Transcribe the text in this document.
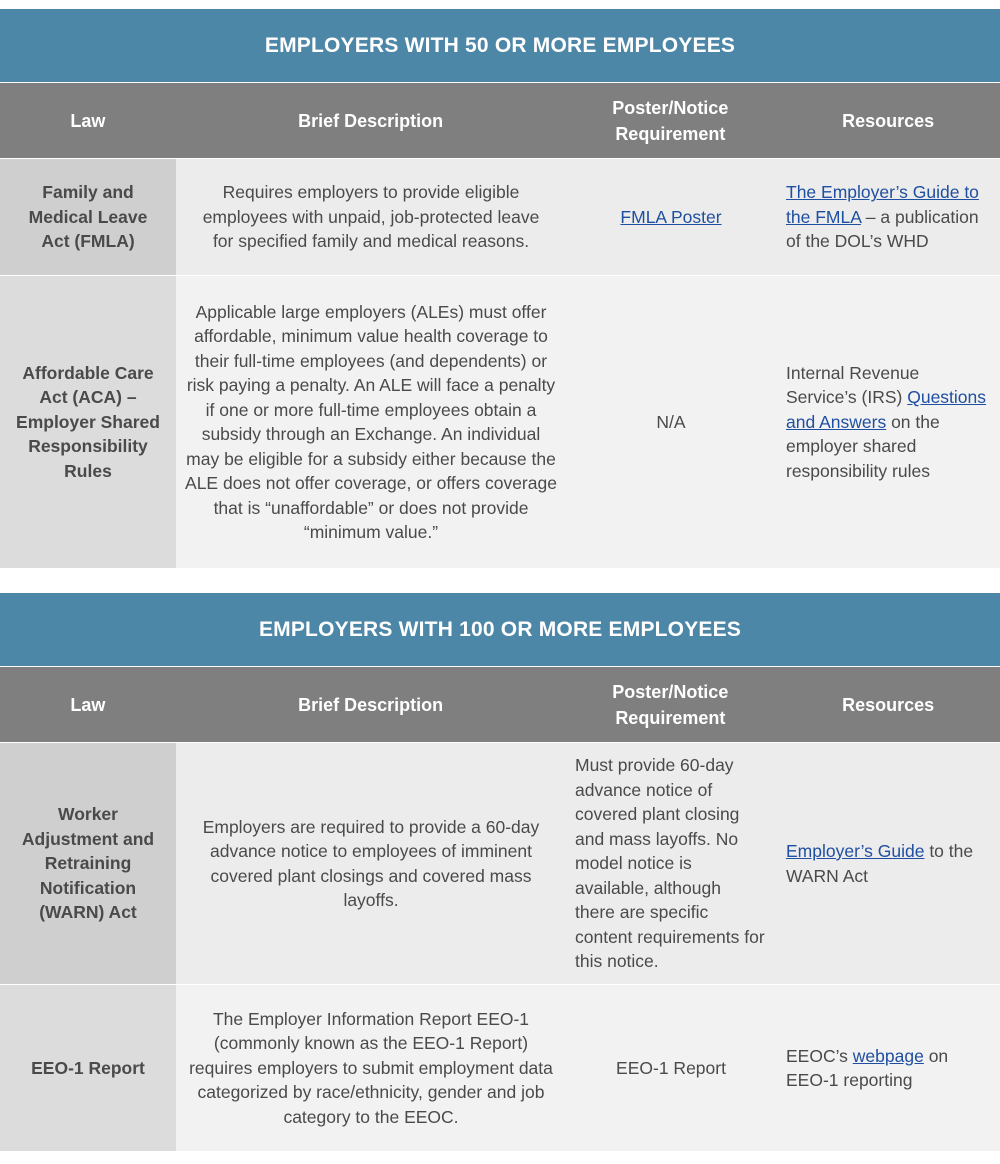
EMPLOYERS WITH 50 OR MORE EMPLOYEES
Law	Brief Description
Poster/Notice Requirement
Resources
Family and Medical Leave Act (FMLA)
Requires employers to provide eligible employees with unpaid, job-protected leave for specified family and medical reasons.
FMLA Poster
The Employer’s Guide to the FMLA – a publication of the DOL’s WHD
Affordable Care Act (ACA) – Employer Shared Responsibility Rules
Applicable large employers (ALEs) must offer affordable, minimum value health coverage to their full-time employees (and dependents) or risk paying a penalty. An ALE will face a penalty if one or more full-time employees obtain a subsidy through an Exchange. An individual may be eligible for a subsidy either because the ALE does not offer coverage, or offers coverage that is “unaffordable” or does not provide “minimum value.”
N/A
Internal Revenue Service’s (IRS) Questions and Answers on the employer shared responsibility rules
EMPLOYERS WITH 100 OR MORE EMPLOYEES
Law	Brief Description
Poster/Notice Requirement
Resources
Worker Adjustment and Retraining Notification (WARN) Act
Employers are required to provide a 60-day advance notice to employees of imminent covered plant closings and covered mass layoffs.
Must provide 60-day advance notice of covered plant closing and mass layoffs. No model notice is available, although there are specific content requirements for this notice.
Employer’s Guide to the WARN Act
EEO-1 Report
The Employer Information Report EEO-1 (commonly known as the EEO-1 Report) requires employers to submit employment data categorized by race/ethnicity, gender and job category to the EEOC.
EEO-1 Report
EEOC’s webpage on EEO-1 reporting
